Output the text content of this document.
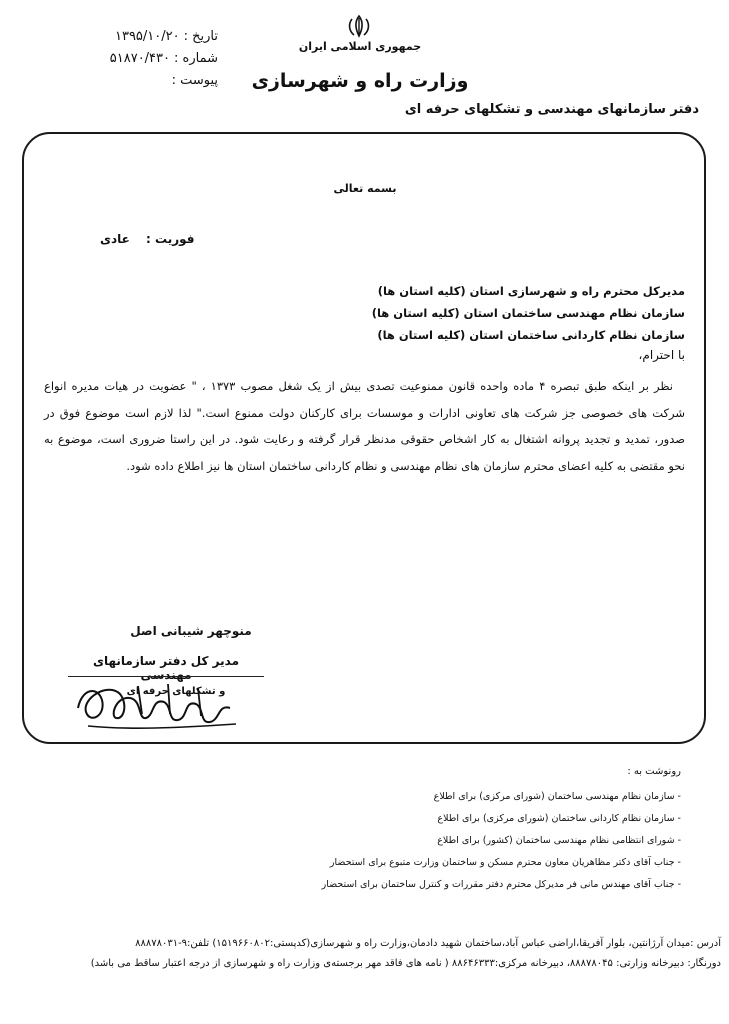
تاریخ :
۱۳۹۵/۱۰/۲۰
شماره :
۵۱۸۷۰/۴۳۰
پیوست :
جمهوری اسلامی ایران
وزارت راه و شهرسازی
دفتر سازمانهای مهندسی و تشکلهای حرفه ای
بسمه تعالی
فوریت : عادی
مدیرکل محترم راه و شهرسازی استان (کلیه استان ها)
سازمان نظام مهندسی ساختمان استان (کلیه استان ها)
سازمان نظام کاردانی ساختمان استان (کلیه استان ها)
با احترام،
نظر بر اینکه طبق تبصره ۴ ماده واحده قانون ممنوعیت تصدی بیش از یک شغل مصوب ۱۳۷۳ ، " عضویت در هیات مدیره انواع شرکت های خصوصی جز شرکت های تعاونی ادارات و موسسات برای کارکنان دولت ممنوع است." لذا لازم است موضوع فوق در صدور، تمدید و تجدید پروانه اشتغال به کار اشخاص حقوقی مدنظر قرار گرفته و رعایت شود. در این راستا ضروری است، موضوع به نحو مقتضی به کلیه اعضای محترم سازمان های نظام مهندسی و نظام کاردانی ساختمان استان ها نیز اطلاع داده شود.
منوچهر شیبانی اصل
مدیر کل دفتر سازمانهای مهندسی
و تشکلهای حرفه ای
رونوشت به :
- سازمان نظام مهندسی ساختمان (شورای مرکزی) برای اطلاع
- سازمان نظام کاردانی ساختمان (شورای مرکزی) برای اطلاع
- شورای انتظامی نظام مهندسی ساختمان (کشور) برای اطلاع
- جناب آقای دکتر مظاهریان معاون محترم مسکن و ساختمان وزارت متبوع برای استحضار
- جناب آقای مهندس مانی فر مدیرکل محترم دفتر مقررات و کنترل ساختمان برای استحضار
آدرس :میدان آرژانتین، بلوار آفریقا،اراضی عباس آباد،ساختمان شهید دادمان،وزارت راه و شهرسازی(کدپستی:۱۵۱۹۶۶۰۸۰۲) تلفن:۹-۸۸۸۷۸۰۳۱
دورنگار: دبیرخانه وزارتی: ۸۸۸۷۸۰۴۵، دبیرخانه مرکزی:۸۸۶۴۶۳۳۳ ( نامه های فاقد مهر برجسته‌ی وزارت راه و شهرسازی از درجه اعتبار ساقط می باشد)
